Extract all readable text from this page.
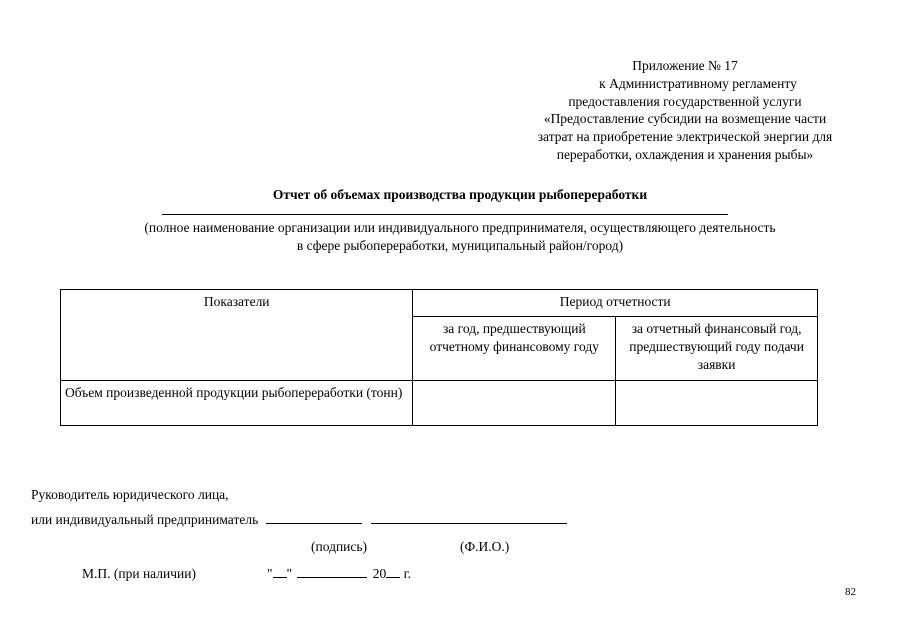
Приложение № 17
к Административному регламенту
предоставления государственной услуги
«Предоставление субсидии на возмещение части
затрат на приобретение электрической энергии для
переработки, охлаждения и хранения рыбы»
Отчет об объемах производства продукции рыбопереработки
(полное наименование организации или индивидуального предпринимателя, осуществляющего деятельность
в сфере рыбопереработки, муниципальный район/город)
Показатели	Период отчетности	
	за год, предшествующий отчетному финансовому году	за отчетный финансовый год, предшествующий году подачи заявки
Объем произведенной продукции рыбопереработки (тонн)		
Руководитель юридического лица,
или индивидуальный предприниматель
(подпись)	(Ф.И.О.)
М.П. (при наличии)	" "	20 г.
82
